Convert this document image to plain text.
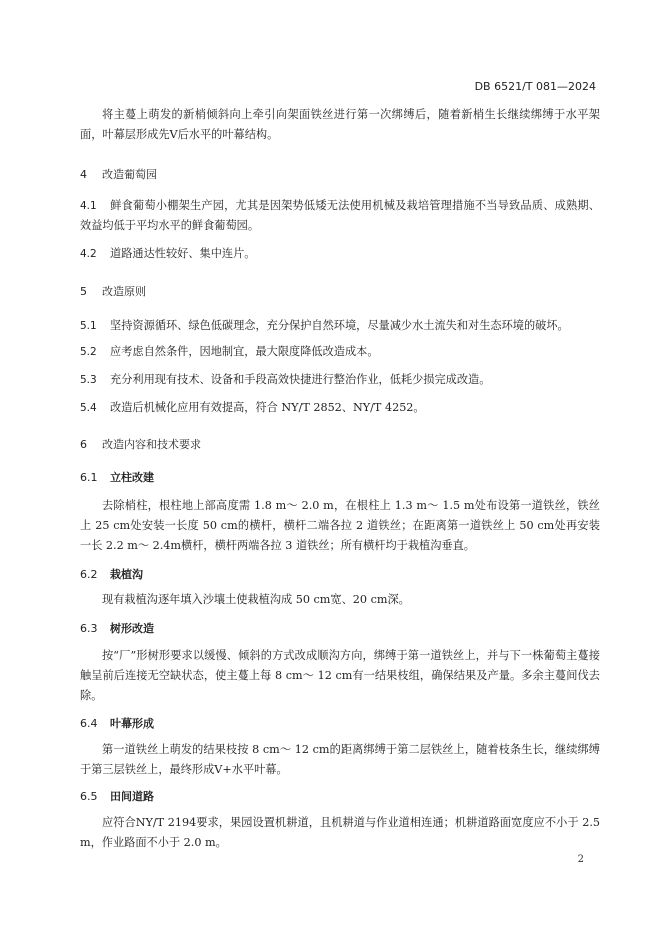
DB 6521/T 081—2024

将主蔓上萌发的新梢倾斜向上牵引向架面铁丝进行第一次绑缚后，随着新梢生长继续绑缚于水平架面，叶幕层形成先V后水平的叶幕结构。

4 改造葡萄园

4.1 鲜食葡萄小棚架生产园，尤其是因架势低矮无法使用机械及栽培管理措施不当导致品质、成熟期、效益均低于平均水平的鲜食葡萄园。

4.2 道路通达性较好、集中连片。

5 改造原则

5.1 坚持资源循环、绿色低碳理念，充分保护自然环境，尽量减少水土流失和对生态环境的破坏。

5.2 应考虑自然条件，因地制宜，最大限度降低改造成本。

5.3 充分利用现有技术、设备和手段高效快捷进行整治作业，低耗少损完成改造。

5.4 改造后机械化应用有效提高，符合 NY/T 2852、NY/T 4252。

6 改造内容和技术要求
6.1 立柱改建

去除梢柱，根柱地上部高度需 1.8 m～ 2.0 m，在根柱上 1.3 m～ 1.5 m处布设第一道铁丝，铁丝上 25 cm处安装一长度 50 cm的横杆，横杆二端各拉 2 道铁丝；在距离第一道铁丝上 50 cm处再安装一长 2.2 m～ 2.4m横杆，横杆两端各拉 3 道铁丝；所有横杆均于栽植沟垂直。

6.2 栽植沟

现有栽植沟逐年填入沙壤土使栽植沟成 50 cm宽、20 cm深。

6.3 树形改造

按“厂”形树形要求以缓慢、倾斜的方式改成顺沟方向，绑缚于第一道铁丝上，并与下一株葡萄主蔓接触呈前后连接无空缺状态，使主蔓上每 8 cm～ 12 cm有一结果枝组，确保结果及产量。多余主蔓间伐去除。

6.4 叶幕形成

第一道铁丝上萌发的结果枝按 8 cm～ 12 cm的距离绑缚于第二层铁丝上，随着枝条生长，继续绑缚于第三层铁丝上，最终形成V+水平叶幕。

6.5 田间道路

应符合NY/T 2194要求，果园设置机耕道，且机耕道与作业道相连通；机耕道路面宽度应不小于 2.5 m，作业路面不小于 2.0 m。

2
